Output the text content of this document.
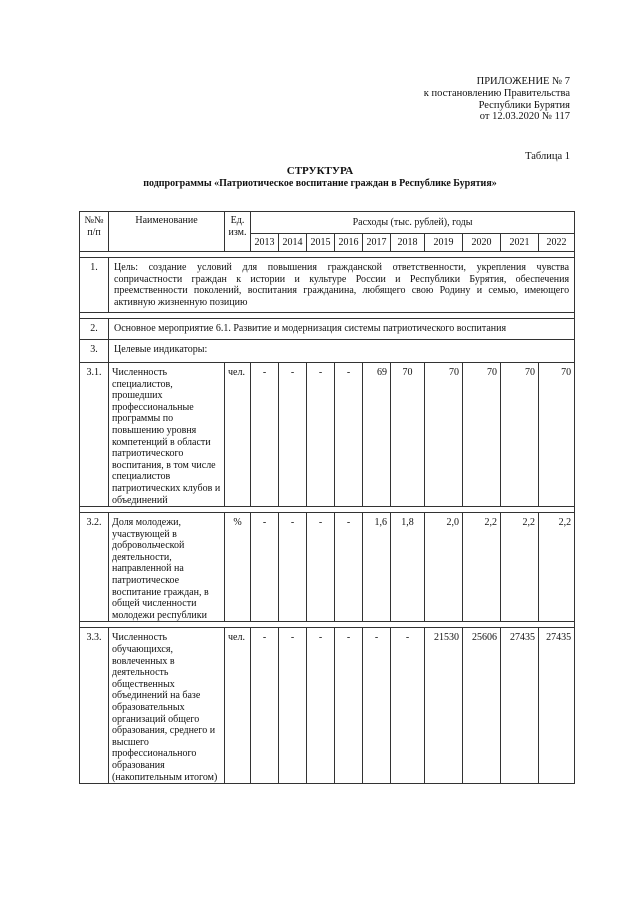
ПРИЛОЖЕНИЕ № 7
к постановлению Правительства
Республики Бурятия
от 12.03.2020 № 117
Таблица 1
СТРУКТУРА
подпрограммы «Патриотическое воспитание граждан в Республике Бурятия»
№№ п/п	Наименование	Ед. изм.	Расходы (тыс. рублей), годы									
			2013	2014	2015	2016	2017	2018	2019	2020	2021	2022

1.	Цель: создание условий для повышения гражданской ответственности, укрепления чувства сопричастности граждан к истории и культуре России и Республики Бурятия, обеспечения преемственности поколений, воспитания гражданина, любящего свою Родину и семью, имеющего активную жизненную позицию											

2.	Основное мероприятие 6.1. Развитие и модернизация системы патриотического воспитания											
3.	Целевые индикаторы:											
3.1.	Численность специалистов, прошедших профессиональные программы по повышению уровня компетенций в области патриотического воспитания, в том числе специалистов патриотических клубов и объединений	чел.	-	-	-	-	69	70	70	70	70	70

3.2.	Доля молодежи, участвующей в добровольческой деятельности, направленной на патриотическое воспитание граждан, в общей численности молодежи республики	%	-	-	-	-	1,6	1,8	2,0	2,2	2,2	2,2

3.3.	Численность обучающихся, вовлеченных в деятельность общественных объединений на базе образовательных организаций общего образования, среднего и высшего профессионального образования (накопительным итогом)	чел.	-	-	-	-	-	-	21530	25606	27435	27435
